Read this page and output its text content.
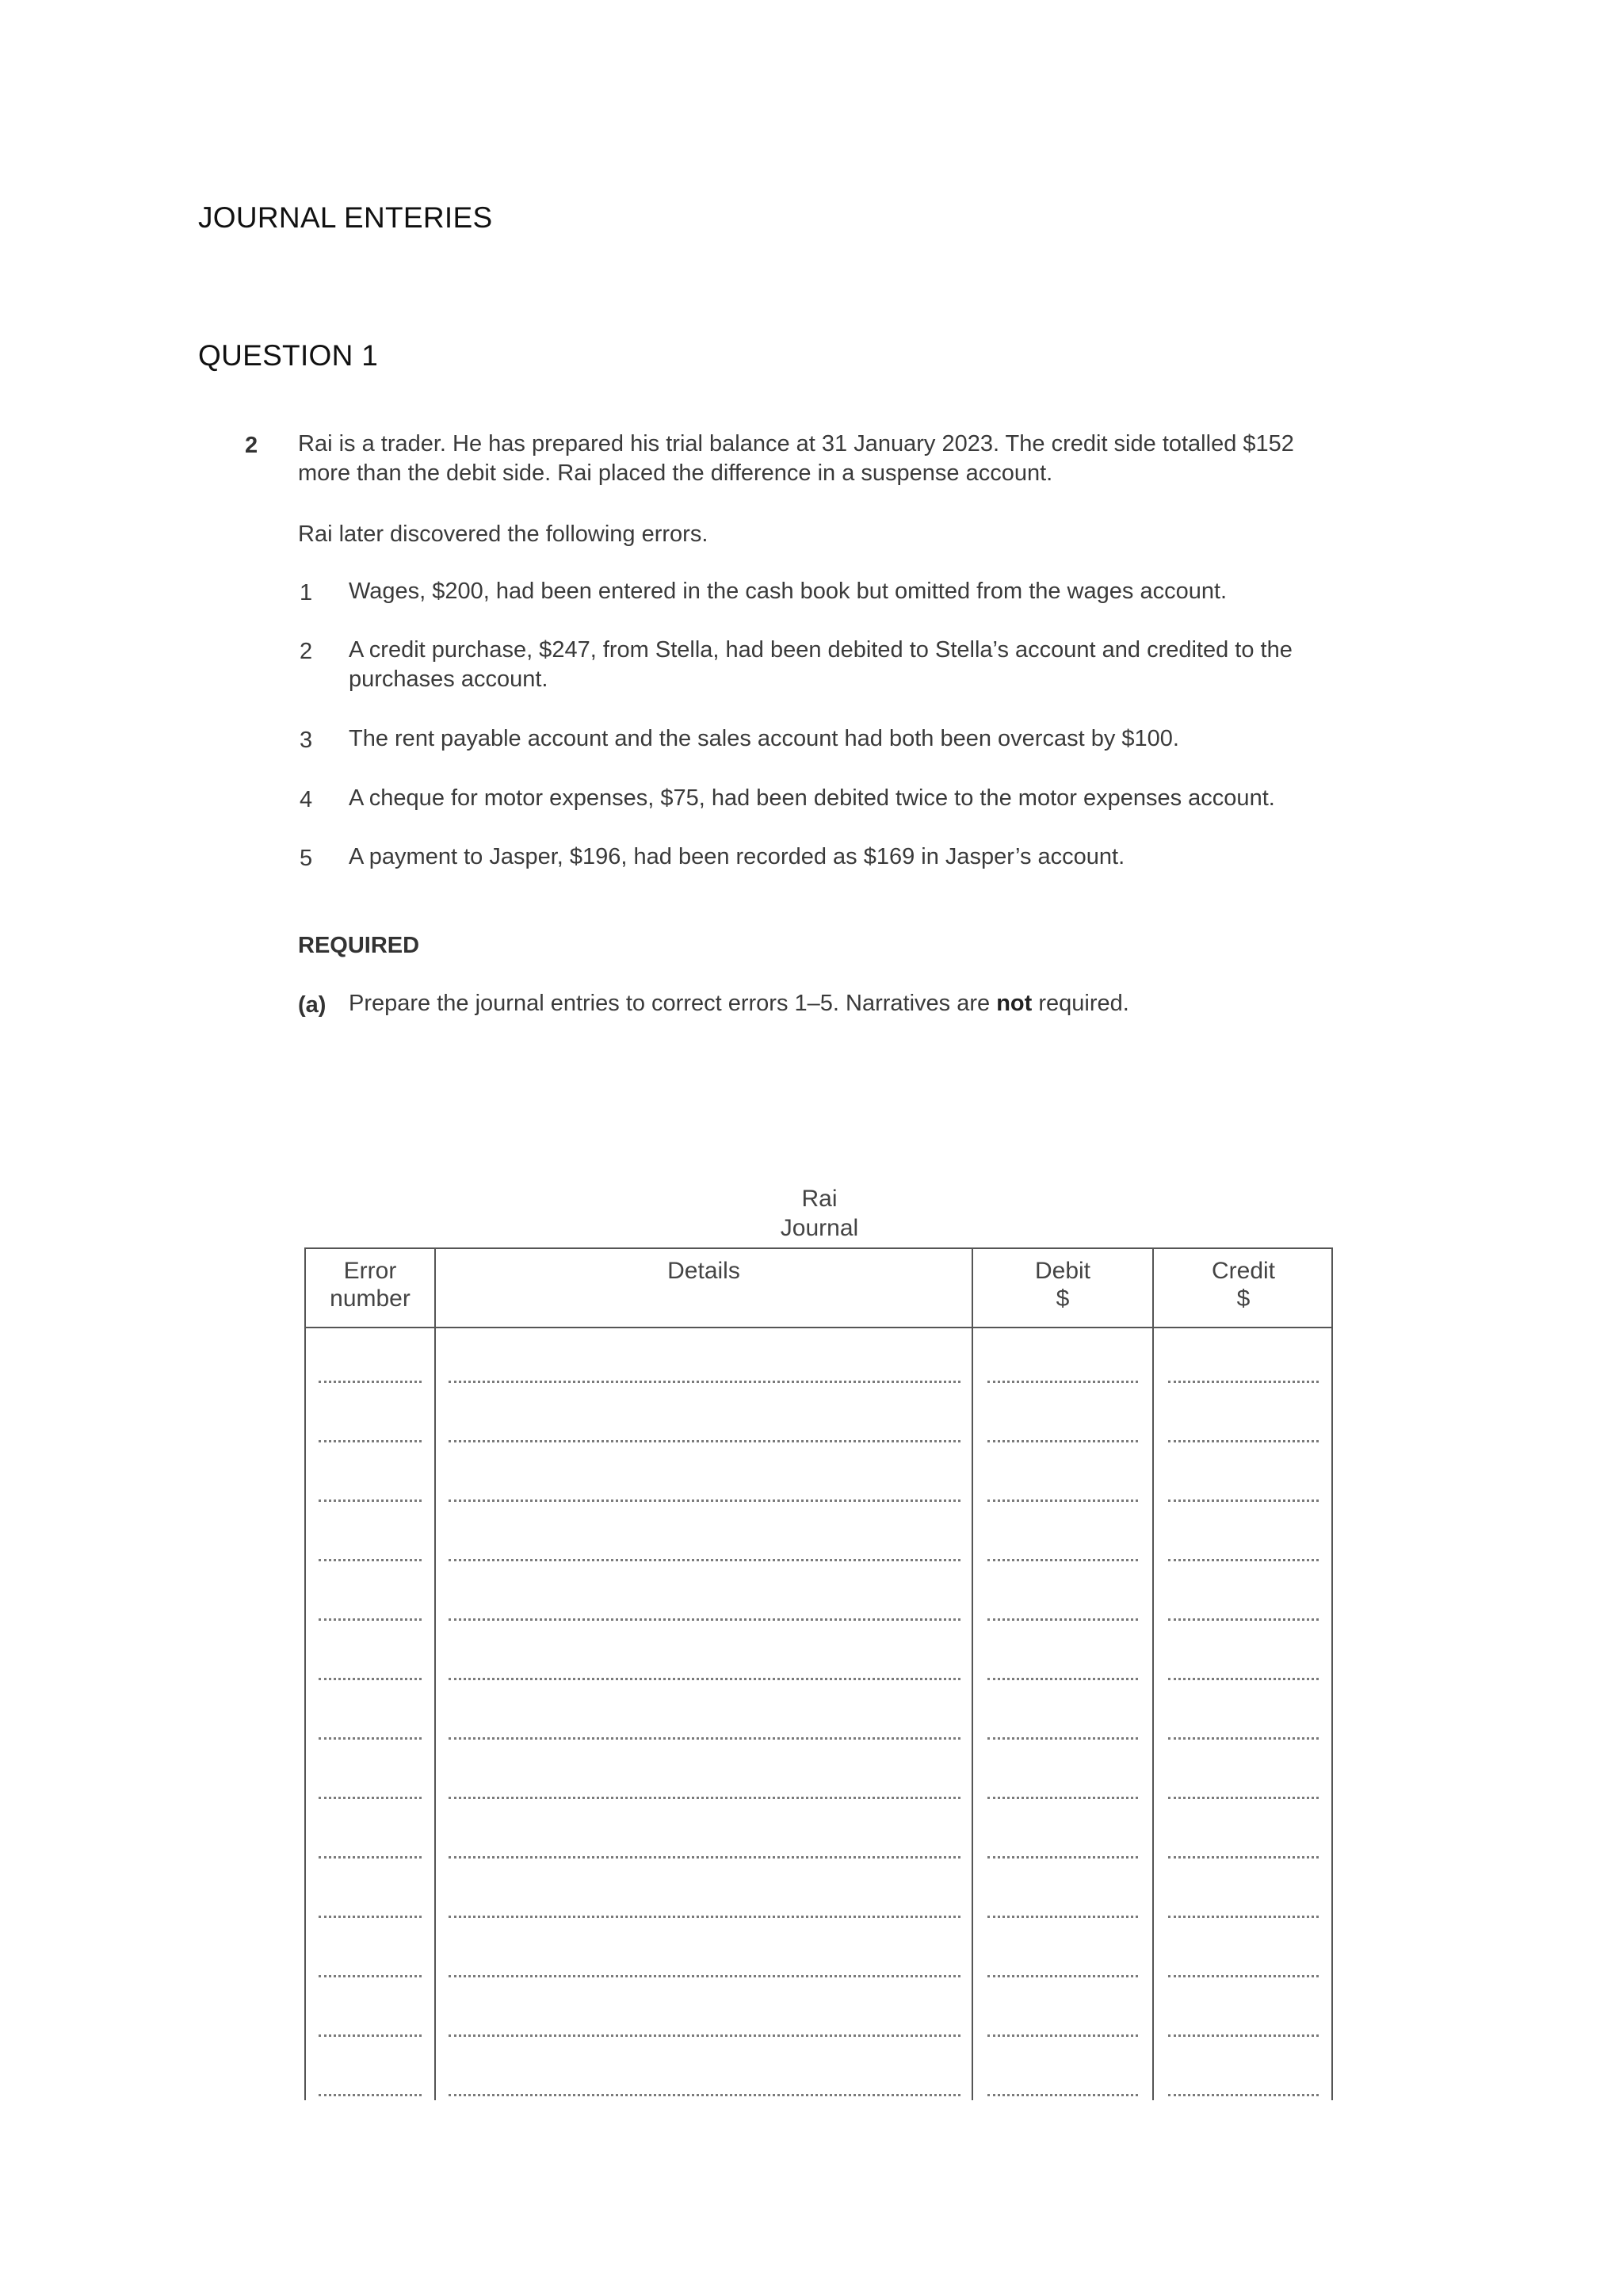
JOURNAL ENTERIES
QUESTION 1
2 Rai is a trader. He has prepared his trial balance at 31 January 2023. The credit side totalled $152
more than the debit side. Rai placed the difference in a suspense account.
Rai later discovered the following errors.
1 Wages, $200, had been entered in the cash book but omitted from the wages account.
2 A credit purchase, $247, from Stella, had been debited to Stella’s account and credited to the
purchases account.
3 The rent payable account and the sales account had both been overcast by $100.
4 A cheque for motor expenses, $75, had been debited twice to the motor expenses account.
5 A payment to Jasper, $196, had been recorded as $169 in Jasper’s account.
REQUIRED
(a) Prepare the journal entries to correct errors 1–5. Narratives are not required.
Rai
Journal
Error
number
Details	Debit
$
Credit
$
